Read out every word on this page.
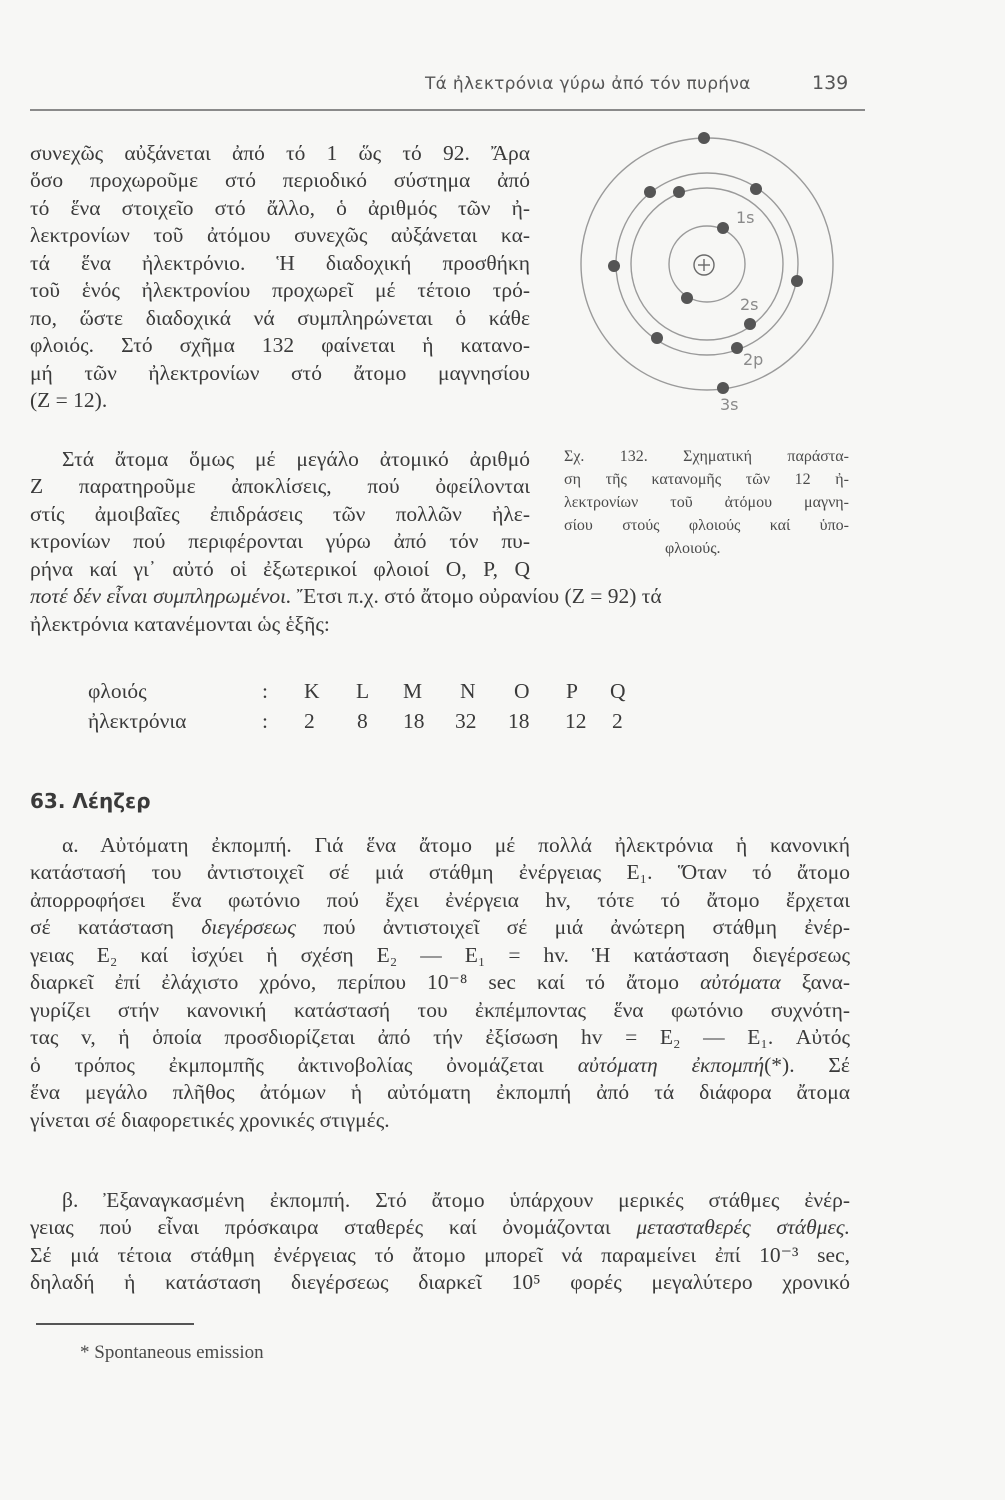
Τά ἠλεκτρόνια γύρω ἀπό τόν πυρήνα	139
συνεχῶς αὐξάνεται ἀπό τό 1 ὥς τό 92. Ἄρα
ὅσο προχωροῦμε στό περιοδικό σύστημα ἀπό
τό ἕνα στοιχεῖο στό ἄλλο, ὁ ἀριθμός τῶν ἠ-
λεκτρονίων τοῦ ἀτόμου συνεχῶς αὐξάνεται κα-
τά ἕνα ἠλεκτρόνιο. Ἡ διαδοχική προσθήκη
τοῦ ἑνός ἠλεκτρονίου προχωρεῖ μέ τέτοιο τρό-
πο, ὥστε διαδοχικά νά συμπληρώνεται ὁ κάθε
φλοιός. Στό σχῆμα 132 φαίνεται ἡ κατανο-
μή τῶν ἠλεκτρονίων στό ἄτομο μαγνησίου
(Z = 12).
Στά ἄτομα ὅμως μέ μεγάλο ἀτομικό ἀριθμό
Z παρατηροῦμε ἀποκλίσεις, πού ὀφείλονται
στίς ἀμοιβαῖες ἐπιδράσεις τῶν πολλῶν ἠλε-
κτρονίων πού περιφέρονται γύρω ἀπό τόν πυ-
ρήνα καί γι᾽ αὐτό οἱ ἐξωτερικοί φλοιοί O, P, Q
ποτέ δέν εἶναι συμπληρωμένοι. Ἔτσι π.χ. στό ἄτομο οὐρανίου (Z = 92) τά
ἠλεκτρόνια κατανέμονται ὡς ἑξῆς:
1s
2s
2p
3s
Σχ. 132. Σχηματική παράστα-
ση τῆς κατανομῆς τῶν 12 ἠ-
λεκτρονίων τοῦ ἀτόμου μαγνη-
σίου στούς φλοιούς καί ὑπο-
φλοιούς.
φλοιός	: K L M N O P Q
ἠλεκτρόνια	: 2 8 18 32 18 12 2
63. Λέηζερ
α. Αὐτόματη ἐκπομπή. Γιά ἕνα ἄτομο μέ πολλά ἠλεκτρόνια ἡ κανονική
κατάστασή του ἀντιστοιχεῖ σέ μιά στάθμη ἐνέργειας E₁. Ὅταν τό ἄτομο
ἀπορροφήσει ἕνα φωτόνιο πού ἔχει ἐνέργεια hv, τότε τό ἄτομο ἔρχεται
σέ κατάσταση διεγέρσεως πού ἀντιστοιχεῖ σέ μιά ἀνώτερη στάθμη ἐνέρ-
γειας E₂ καί ἰσχύει ἡ σχέση E₂ — E₁ = hv. Ἡ κατάσταση διεγέρσεως
διαρκεῖ ἐπί ἐλάχιστο χρόνο, περίπου 10⁻⁸ sec καί τό ἄτομο αὐτόματα ξανα-
γυρίζει στήν κανονική κατάστασή του ἐκπέμποντας ἕνα φωτόνιο συχνότη-
τας v, ἡ ὁποία προσδιορίζεται ἀπό τήν ἐξίσωση hv = E₂ — E₁. Αὐτός
ὁ τρόπος ἐκμπομπῆς ἀκτινοβολίας ὀνομάζεται αὐτόματη ἐκπομπή(*). Σέ
ἕνα μεγάλο πλῆθος ἀτόμων ἡ αὐτόματη ἐκπομπή ἀπό τά διάφορα ἄτομα
γίνεται σέ διαφορετικές χρονικές στιγμές.
β. Ἐξαναγκασμένη ἐκπομπή. Στό ἄτομο ὑπάρχουν μερικές στάθμες ἐνέρ-
γειας πού εἶναι πρόσκαιρα σταθερές καί ὀνομάζονται μετασταθερές στάθμες.
Σέ μιά τέτοια στάθμη ἐνέργειας τό ἄτομο μπορεῖ νά παραμείνει ἐπί 10⁻³ sec,
δηλαδή ἡ κατάσταση διεγέρσεως διαρκεῖ 10⁵ φορές μεγαλύτερο χρονικό
* Spontaneous emission
